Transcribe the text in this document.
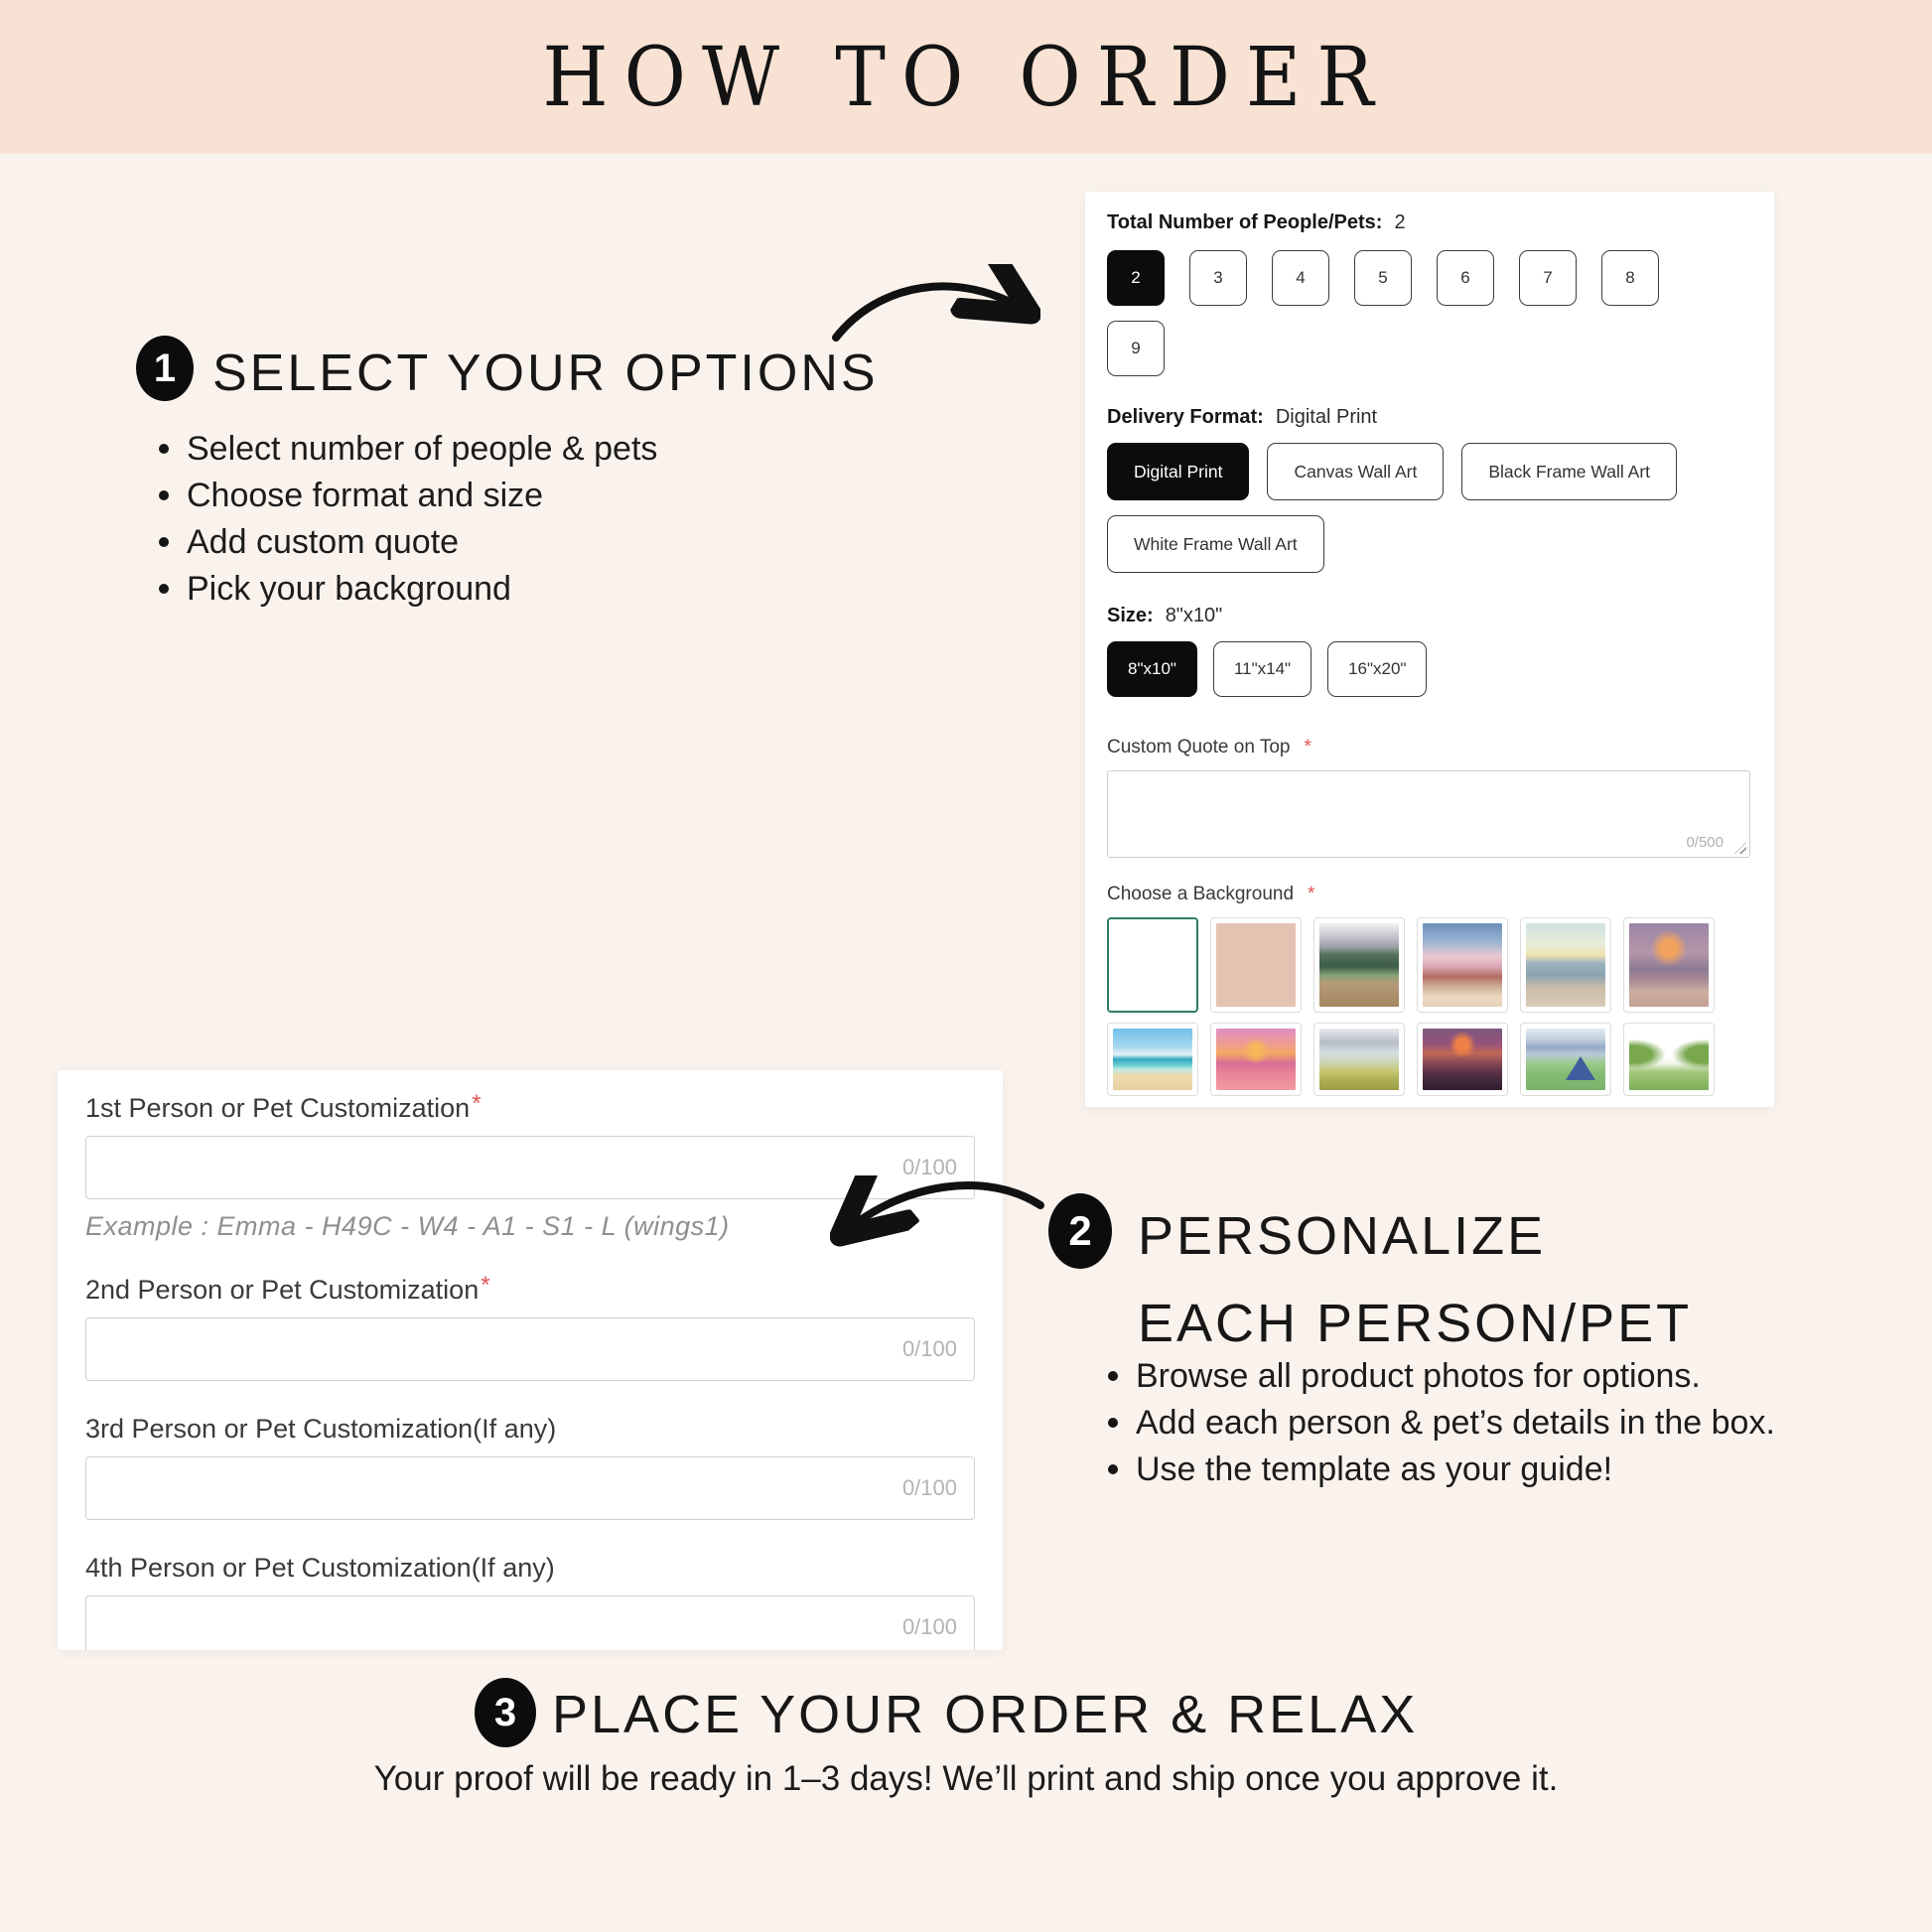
HOW TO ORDER
1 SELECT YOUR OPTIONS
Select number of people & pets
Choose format and size
Add custom quote
Pick your background
Total Number of People/Pets: 2
2	3	4	5	6	7	8
9
Delivery Format: Digital Print
Digital Print	Canvas Wall Art	Black Frame Wall Art
White Frame Wall Art
Size: 8"x10"
8"x10"	11"x14"	16"x20"
Custom Quote on Top *
0/500
Choose a Background *
1st Person or Pet Customization*
0/100
Example : Emma - H49C - W4 - A1 - S1 - L (wings1)
2nd Person or Pet Customization*
0/100
3rd Person or Pet Customization(If any)
0/100
4th Person or Pet Customization(If any)
0/100
2 PERSONALIZE
EACH PERSON/PET
Browse all product photos for options.
Add each person & pet’s details in the box.
Use the template as your guide!
3 PLACE YOUR ORDER & RELAX
Your proof will be ready in 1–3 days! We’ll print and ship once you approve it.
